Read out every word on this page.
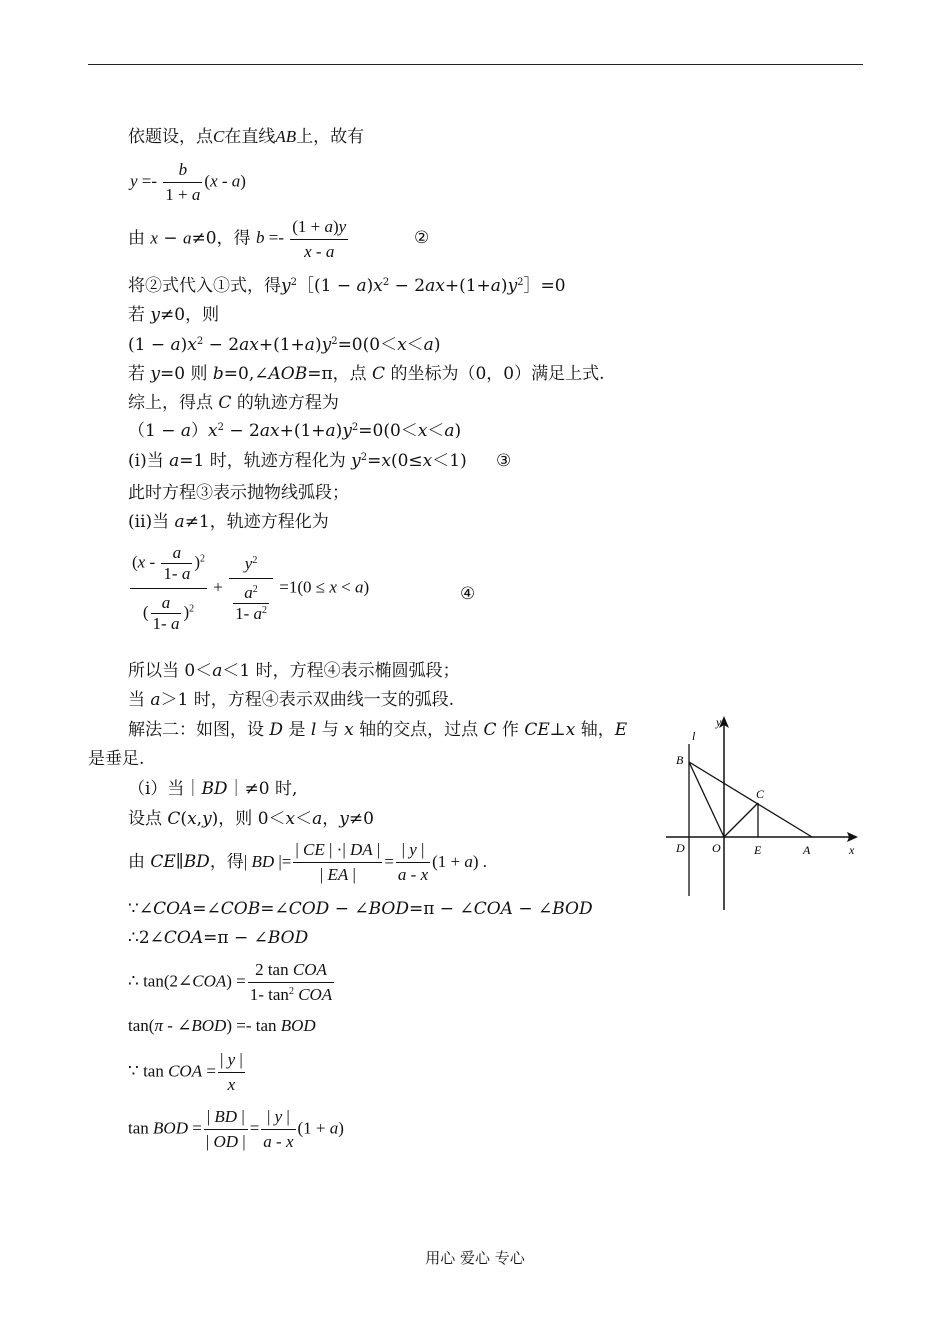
依题设，点C在直线AB上，故有
$y =- \frac{b}{1 + a} (x - a)$
由 x − a≠0，得 $b =- \frac{(1 + a)y}{x - a}$	②
将②式代入①式，得$y^2[(1 - a)x^2$ − $2ax+(1+a)y^2]=0$
若 y≠0，则
$(1 - a)x^2 - 2ax+(1+a)y^2=0(0<x<a)$
若 y=0 则 b=0,∠AOB=π，点 C 的坐标为（0，0）满足上式.
综上，得点 C 的轨迹方程为
$(1 - a)x^2 - 2ax+(1+a)y^2=0(0<x<a)$
(i)当 a=1 时，轨迹方程化为 $y^2=x(0\le x<1)$ ③
此时方程③表示抛物线弧段；
(ii)当 a≠1，轨迹方程化为
$\frac{(x - \frac{a}{1- a} )^2}{( \frac{a}{1- a} )^2} + \frac{y^2}{\frac{a^2}{1- a^2}} =1(0 \le x < a)$	④
所以当 0＜a＜1 时，方程④表示椭圆弧段；
当 a＞1 时，方程④表示双曲线一支的弧段.
解法二：如图，设 D 是 l 与 x 轴的交点，过点 C 作 CE⊥x 轴，E
是垂足.
（i）当｜BD｜≠0 时,
设点 C(x,y)，则 0＜x＜a，y≠0
由 CE∥BD，得| BD |= $\frac{| CE | \cdot| DA |}{| EA |} = \frac{| y |}{a - x} (1 + a)$ .
∵∠COA=∠COB=∠COD − ∠BOD=π − ∠COA − ∠BOD
∴2∠COA=π − ∠BOD
∴ tan(2∠COA) = $\frac{\text{2 tan COA}}{1- \tan^2 COA}$
tan(π - ∠BOD) =- tan BOD
∵ tan COA = $\frac{| y |}{x}$
tan BOD = $\frac{| BD |}{| OD |} = \frac{| y |}{a - x} (1 + a)$
y
l
B
C
D O	E	A	x
用心 爱心 专心
